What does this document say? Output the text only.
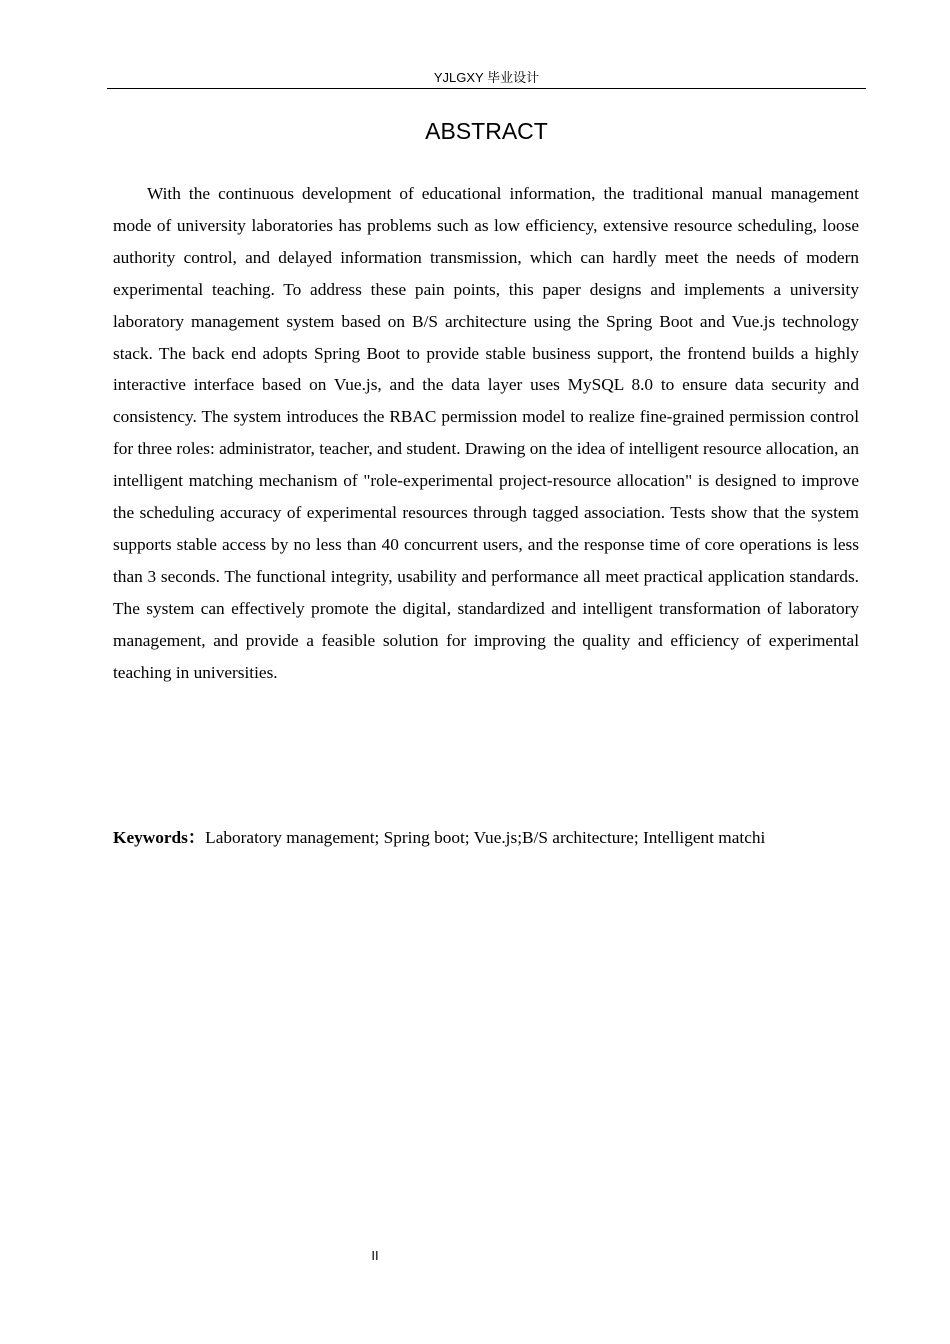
YJLGXY 毕业设计
ABSTRACT

With the continuous development of educational information, the traditional manual management mode of university laboratories has problems such as low efficiency, extensive resource scheduling, loose authority control, and delayed information transmission, which can hardly meet the needs of modern experimental teaching. To address these pain points, this paper designs and implements a university laboratory management system based on B/S architecture using the Spring Boot and Vue.js technology stack. The back end adopts Spring Boot to provide stable business support, the frontend builds a highly interactive interface based on Vue.js, and the data layer uses MySQL 8.0 to ensure data security and consistency. The system introduces the RBAC permission model to realize fine-grained permission control for three roles: administrator, teacher, and student. Drawing on the idea of intelligent resource allocation, an intelligent matching mechanism of "role-experimental project-resource allocation" is designed to improve the scheduling accuracy of experimental resources through tagged association. Tests show that the system supports stable access by no less than 40 concurrent users, and the response time of core operations is less than 3 seconds. The functional integrity, usability and performance all meet practical application standards. The system can effectively promote the digital, standardized and intelligent transformation of laboratory management, and provide a feasible solution for improving the quality and efficiency of experimental teaching in universities.

Keywords：Laboratory management; Spring boot; Vue.js;B/S architecture; Intelligent matchi

II
